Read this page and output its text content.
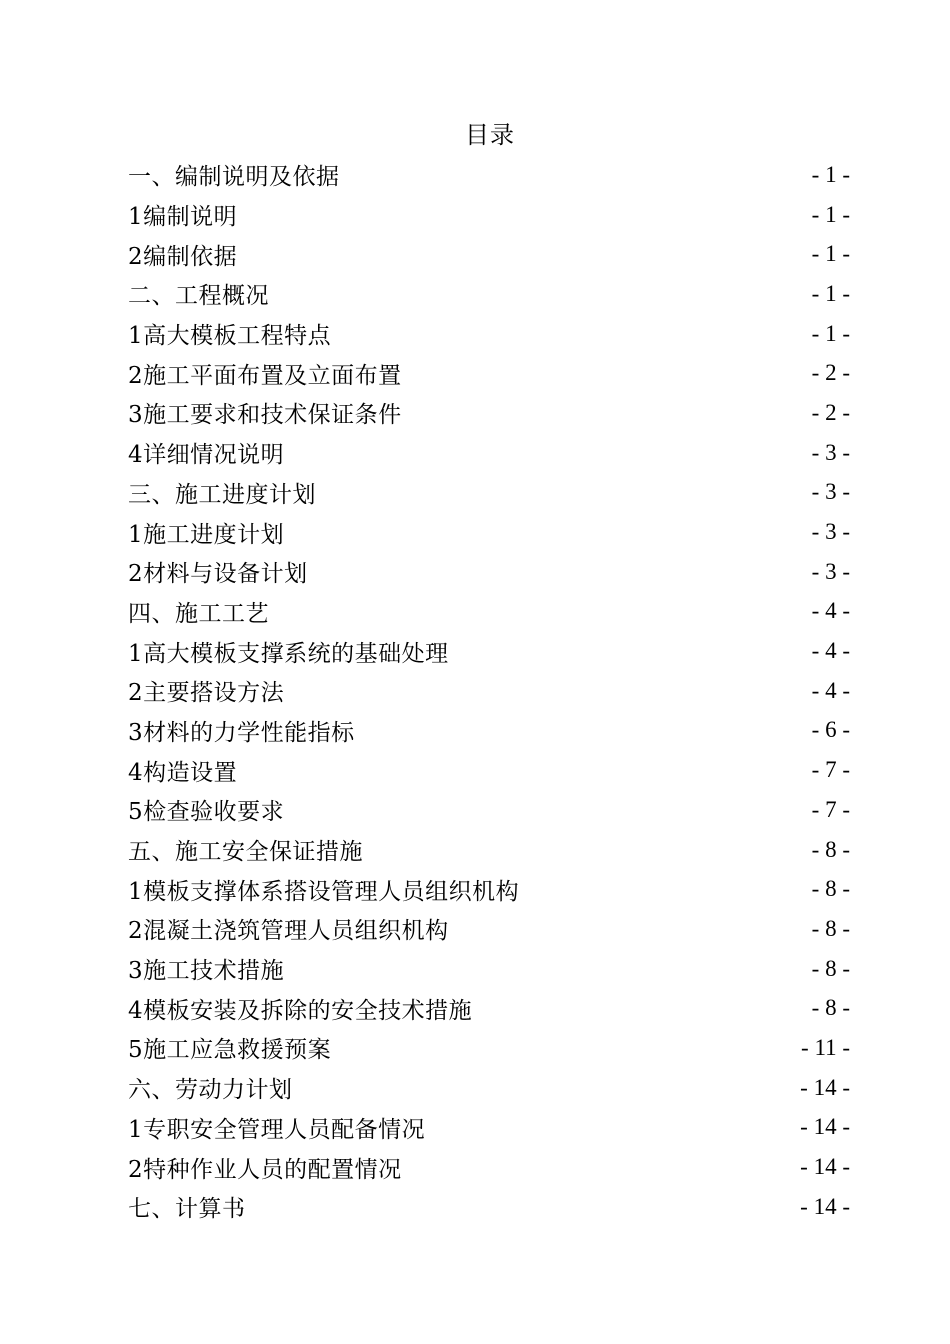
目录
一、编制说明及依据	- 1 -
1编制说明	- 1 -
2编制依据	- 1 -
二、工程概况	- 1 -
1高大模板工程特点	- 1 -
2施工平面布置及立面布置	- 2 -
3施工要求和技术保证条件	- 2 -
4详细情况说明	- 3 -
三、施工进度计划	- 3 -
1施工进度计划	- 3 -
2材料与设备计划	- 3 -
四、施工工艺	- 4 -
1高大模板支撑系统的基础处理	- 4 -
2主要搭设方法	- 4 -
3材料的力学性能指标	- 6 -
4构造设置	- 7 -
5检查验收要求	- 7 -
五、施工安全保证措施	- 8 -
1模板支撑体系搭设管理人员组织机构	- 8 -
2混凝土浇筑管理人员组织机构	- 8 -
3施工技术措施	- 8 -
4模板安装及拆除的安全技术措施	- 8 -
5施工应急救援预案	- 11 -
六、劳动力计划	- 14 -
1专职安全管理人员配备情况	- 14 -
2特种作业人员的配置情况	- 14 -
七、计算书	- 14 -
